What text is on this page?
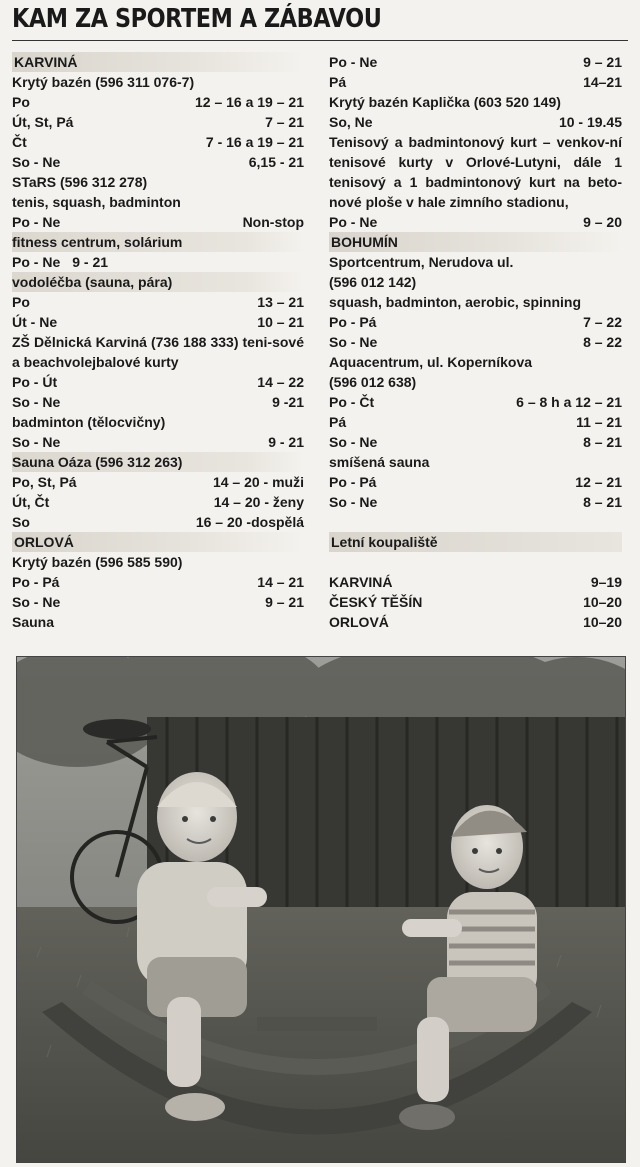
KAM ZA SPORTEM A ZÁBAVOU
KARVINÁ
Krytý bazén (596 311 076-7)
Po	12 – 16 a 19 – 21
Út, St, Pá	7 – 21
Čt	7 - 16 a 19 – 21
So - Ne	6,15 - 21
STaRS (596 312 278)
tenis, squash, badminton
Po - Ne	Non-stop
fitness centrum, solárium
Po - Ne 9 - 21
vodoléčba (sauna, pára)
Po	13 – 21
Út - Ne	10 – 21
ZŠ Dělnická Karviná (736 188 333) teni-sové a beachvolejbalové kurty
Po - Út	14 – 22
So - Ne	9 -21
badminton (tělocvičny)
So - Ne	9 - 21
Sauna Oáza (596 312 263)
Po, St, Pá	14 – 20 - muži
Út, Čt	14 – 20 - ženy
So	16 – 20 -dospělá
ORLOVÁ
Krytý bazén (596 585 590)
Po - Pá	14 – 21
So - Ne	9 – 21
Sauna
Po - Ne	9 – 21
Pá	14–21
Krytý bazén Kaplička (603 520 149)
So, Ne	10 - 19.45
Tenisový a badmintonový kurt – venkov-ní tenisové kurty v Orlové-Lutyni, dále 1 tenisový a 1 badmintonový kurt na beto-nové ploše v hale zimního stadionu,
Po - Ne	9 – 20
BOHUMÍN
Sportcentrum, Nerudova ul.
(596 012 142)
squash, badminton, aerobic, spinning
Po - Pá	7 – 22
So - Ne	8 – 22
Aquacentrum, ul. Koperníkova
(596 012 638)
Po - Čt	6 – 8 h a 12 – 21
Pá	11 – 21
So - Ne	8 – 21
smíšená sauna
Po - Pá	12 – 21
So - Ne	8 – 21
Letní koupaliště
KARVINÁ	9–19
ČESKÝ TĚŠÍN	10–20
ORLOVÁ	10–20
